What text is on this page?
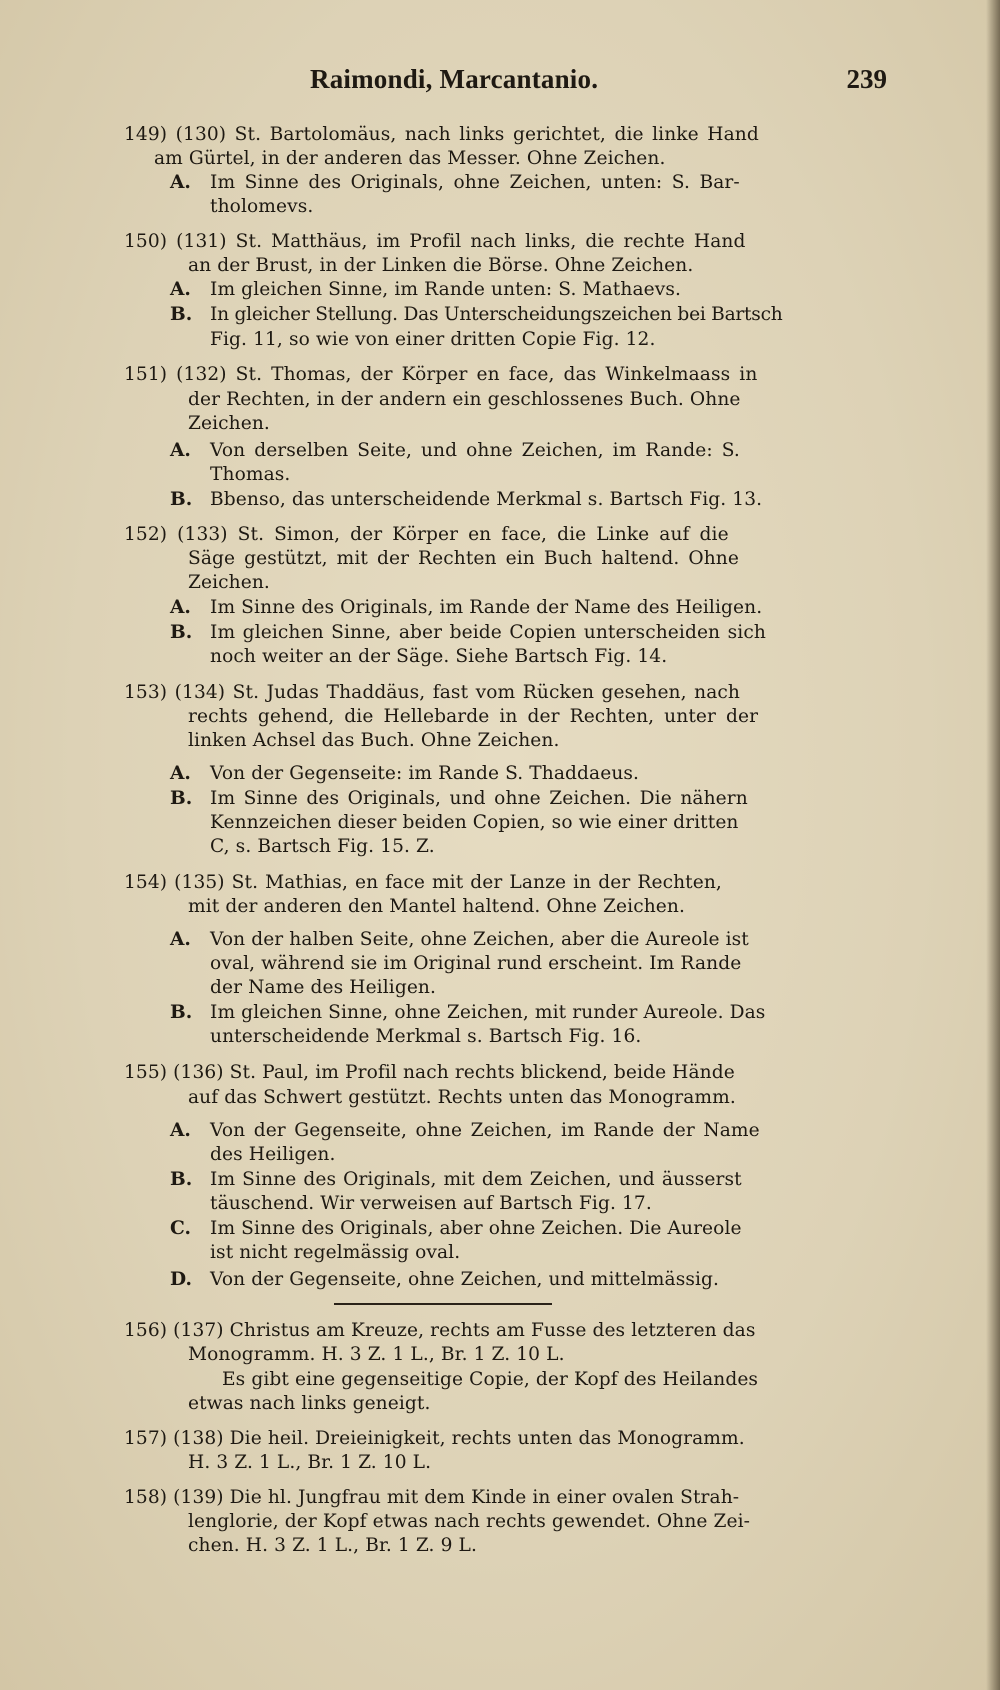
Raimondi, Marcantanio.	239
149) (130) St. Bartolomäus, nach links gerichtet, die linke Hand
am Gürtel, in der anderen das Messer. Ohne Zeichen.
A. Im Sinne des Originals, ohne Zeichen, unten: S. Bar-
tholomevs.
150) (131) St. Matthäus, im Profil nach links, die rechte Hand
an der Brust, in der Linken die Börse. Ohne Zeichen.
A. Im gleichen Sinne, im Rande unten: S. Mathaevs.
B. In gleicher Stellung. Das Unterscheidungszeichen bei Bartsch
Fig. 11, so wie von einer dritten Copie Fig. 12.
151) (132) St. Thomas, der Körper en face, das Winkelmaass in
der Rechten, in der andern ein geschlossenes Buch. Ohne
Zeichen.
A. Von derselben Seite, und ohne Zeichen, im Rande: S.
Thomas.
B. Bbenso, das unterscheidende Merkmal s. Bartsch Fig. 13.
152) (133) St. Simon, der Körper en face, die Linke auf die
Säge gestützt, mit der Rechten ein Buch haltend. Ohne
Zeichen.
A. Im Sinne des Originals, im Rande der Name des Heiligen.
B. Im gleichen Sinne, aber beide Copien unterscheiden sich
noch weiter an der Säge. Siehe Bartsch Fig. 14.
153) (134) St. Judas Thaddäus, fast vom Rücken gesehen, nach
rechts gehend, die Hellebarde in der Rechten, unter der
linken Achsel das Buch. Ohne Zeichen.
A. Von der Gegenseite: im Rande S. Thaddaeus.
B. Im Sinne des Originals, und ohne Zeichen. Die nähern
Kennzeichen dieser beiden Copien, so wie einer dritten
C, s. Bartsch Fig. 15. Z.
154) (135) St. Mathias, en face mit der Lanze in der Rechten,
mit der anderen den Mantel haltend. Ohne Zeichen.
A. Von der halben Seite, ohne Zeichen, aber die Aureole ist
oval, während sie im Original rund erscheint. Im Rande
der Name des Heiligen.
B. Im gleichen Sinne, ohne Zeichen, mit runder Aureole. Das
unterscheidende Merkmal s. Bartsch Fig. 16.
155) (136) St. Paul, im Profil nach rechts blickend, beide Hände
auf das Schwert gestützt. Rechts unten das Monogramm.
A. Von der Gegenseite, ohne Zeichen, im Rande der Name
des Heiligen.
B. Im Sinne des Originals, mit dem Zeichen, und äusserst
täuschend. Wir verweisen auf Bartsch Fig. 17.
C. Im Sinne des Originals, aber ohne Zeichen. Die Aureole
ist nicht regelmässig oval.
D. Von der Gegenseite, ohne Zeichen, und mittelmässig.
156) (137) Christus am Kreuze, rechts am Fusse des letzteren das
Monogramm. H. 3 Z. 1 L., Br. 1 Z. 10 L.
Es gibt eine gegenseitige Copie, der Kopf des Heilandes
etwas nach links geneigt.
157) (138) Die heil. Dreieinigkeit, rechts unten das Monogramm.
H. 3 Z. 1 L., Br. 1 Z. 10 L.
158) (139) Die hl. Jungfrau mit dem Kinde in einer ovalen Strah-
lenglorie, der Kopf etwas nach rechts gewendet. Ohne Zei-
chen. H. 3 Z. 1 L., Br. 1 Z. 9 L.
